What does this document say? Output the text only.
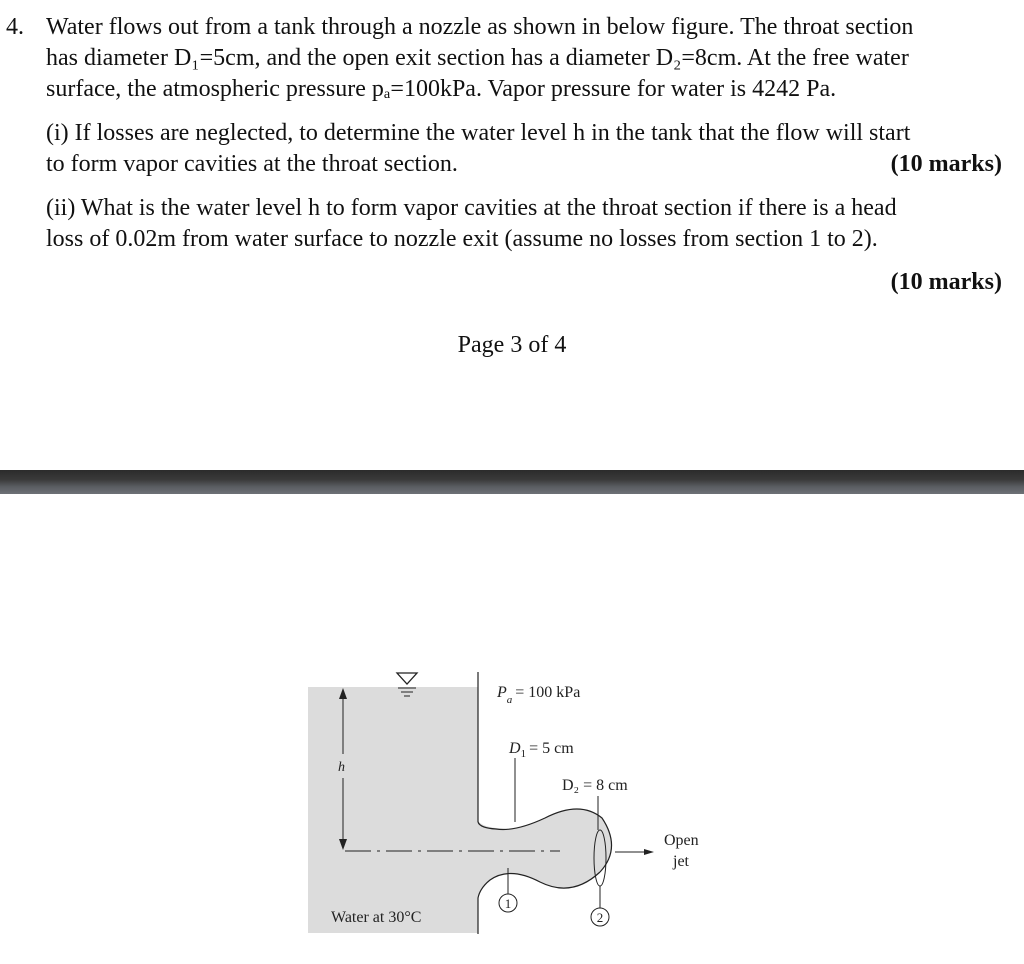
4. Water flows out from a tank through a nozzle as shown in below figure. The throat section
has diameter D₁=5cm, and the open exit section has a diameter D₂=8cm. At the free water
surface, the atmospheric pressure pₐ=100kPa. Vapor pressure for water is 4242 Pa.
(i) If losses are neglected, to determine the water level h in the tank that the flow will start
to form vapor cavities at the throat section.	(10 marks)
(ii) What is the water level h to form vapor cavities at the throat section if there is a head
loss of 0.02m from water surface to nozzle exit (assume no losses from section 1 to 2).
(10 marks)
Page 3 of 4
h
1
2
$P_a = 100$ kPa
$D_1 = 5$ cm
D₂ = 8 cm
Open
jet
Water at 30°C
